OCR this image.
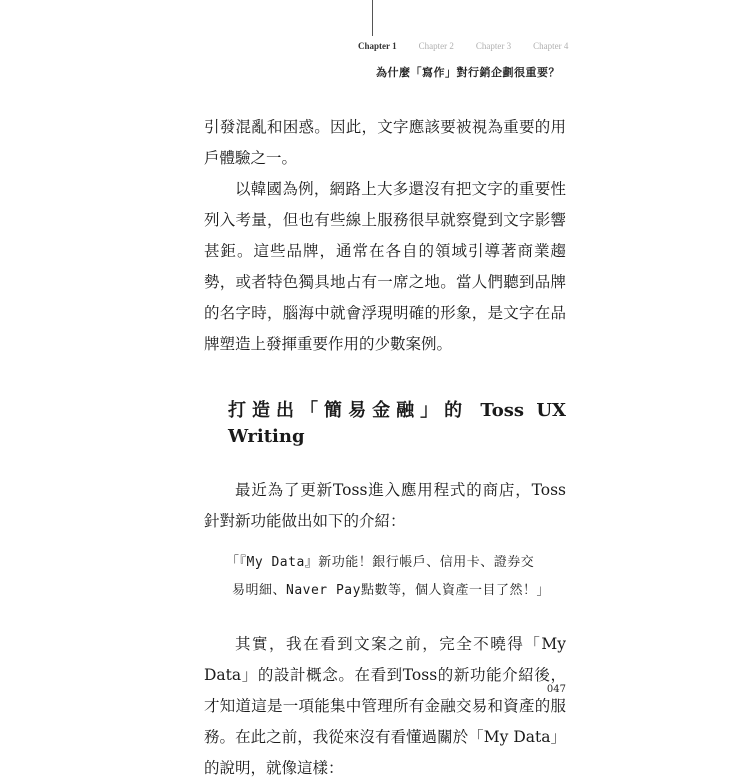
Chapter 1 Chapter 2 Chapter 3 Chapter 4
為什麼「寫作」對行銷企劃很重要？

引發混亂和困惑。因此，文字應該要被視為重要的用戶體驗之一。

以韓國為例，網路上大多還沒有把文字的重要性列入考量，但也有些線上服務很早就察覺到文字影響甚鉅。這些品牌，通常在各自的領域引導著商業趨勢，或者特色獨具地占有一席之地。當人們聽到品牌的名字時，腦海中就會浮現明確的形象，是文字在品牌塑造上發揮重要作用的少數案例。

打造出「簡易金融」的 Toss UX Writing

最近為了更新Toss進入應用程式的商店，Toss針對新功能做出如下的介紹：

「『My Data』新功能！銀行帳戶、信用卡、證券交
易明細、Naver Pay點數等，個人資產一目了然！」

其實，我在看到文案之前，完全不曉得「My Data」的設計概念。在看到Toss的新功能介紹後，才知道這是一項能集中管理所有金融交易和資產的服務。在此之前，我從來沒有看懂過關於「My Data」的說明，就像這樣：

047
